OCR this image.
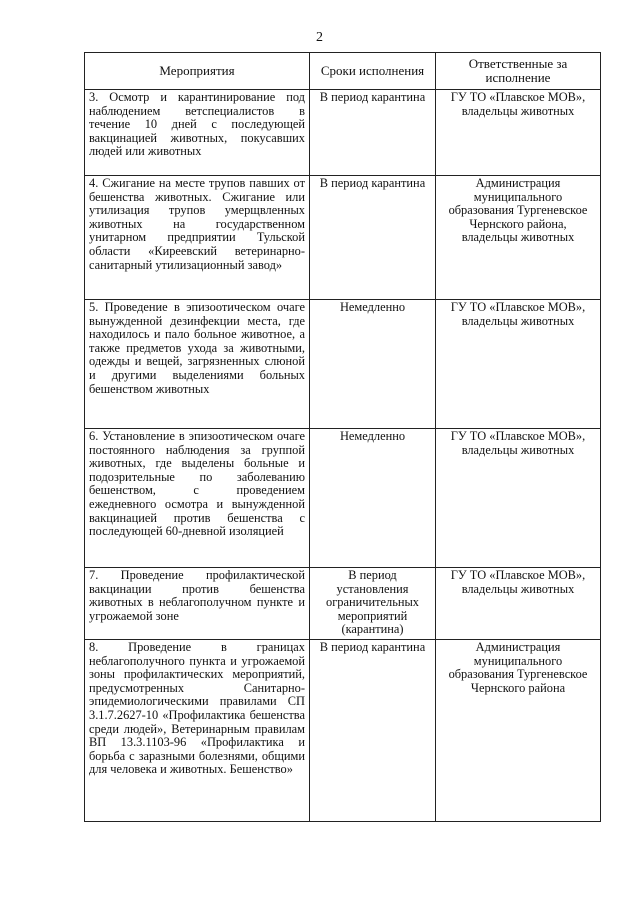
2
Мероприятия	Сроки исполнения	Ответственные за исполнение
3. Осмотр и карантинирование под наблюдением ветспециалистов в течение 10 дней с последующей вакцинацией животных, покусавших людей или животных	В период карантина	ГУ ТО «Плавское МОВ», владельцы животных
4. Сжигание на месте трупов павших от бешенства животных. Сжигание или утилизация трупов умерщвленных животных на государственном унитарном предприятии Тульской области «Киреевский ветеринарно-санитарный утилизационный завод»	В период карантина	Администрация муниципального образования Тургеневское Чернского района, владельцы животных
5. Проведение в эпизоотическом очаге вынужденной дезинфекции места, где находилось и пало больное животное, а также предметов ухода за животными, одежды и вещей, загрязненных слюной и другими выделениями больных бешенством животных	Немедленно	ГУ ТО «Плавское МОВ», владельцы животных
6. Установление в эпизоотическом очаге постоянного наблюдения за группой животных, где выделены больные и подозрительные по заболеванию бешенством, с проведением ежедневного осмотра и вынужденной вакцинацией против бешенства с последующей 60-дневной изоляцией	Немедленно	ГУ ТО «Плавское МОВ», владельцы животных
7. Проведение профилактической вакцинации против бешенства животных в неблагополучном пункте и угрожаемой зоне	В период установления ограничительных мероприятий (карантина)	ГУ ТО «Плавское МОВ», владельцы животных
8. Проведение в границах неблагополучного пункта и угрожаемой зоны профилактических мероприятий, предусмотренных Санитарно-эпидемиологическими правилами СП 3.1.7.2627-10 «Профилактика бешенства среди людей», Ветеринарным правилам ВП 13.3.1103-96 «Профилактика и борьба с заразными болезнями, общими для человека и животных. Бешенство»	В период карантина	Администрация муниципального образования Тургеневское Чернского района
